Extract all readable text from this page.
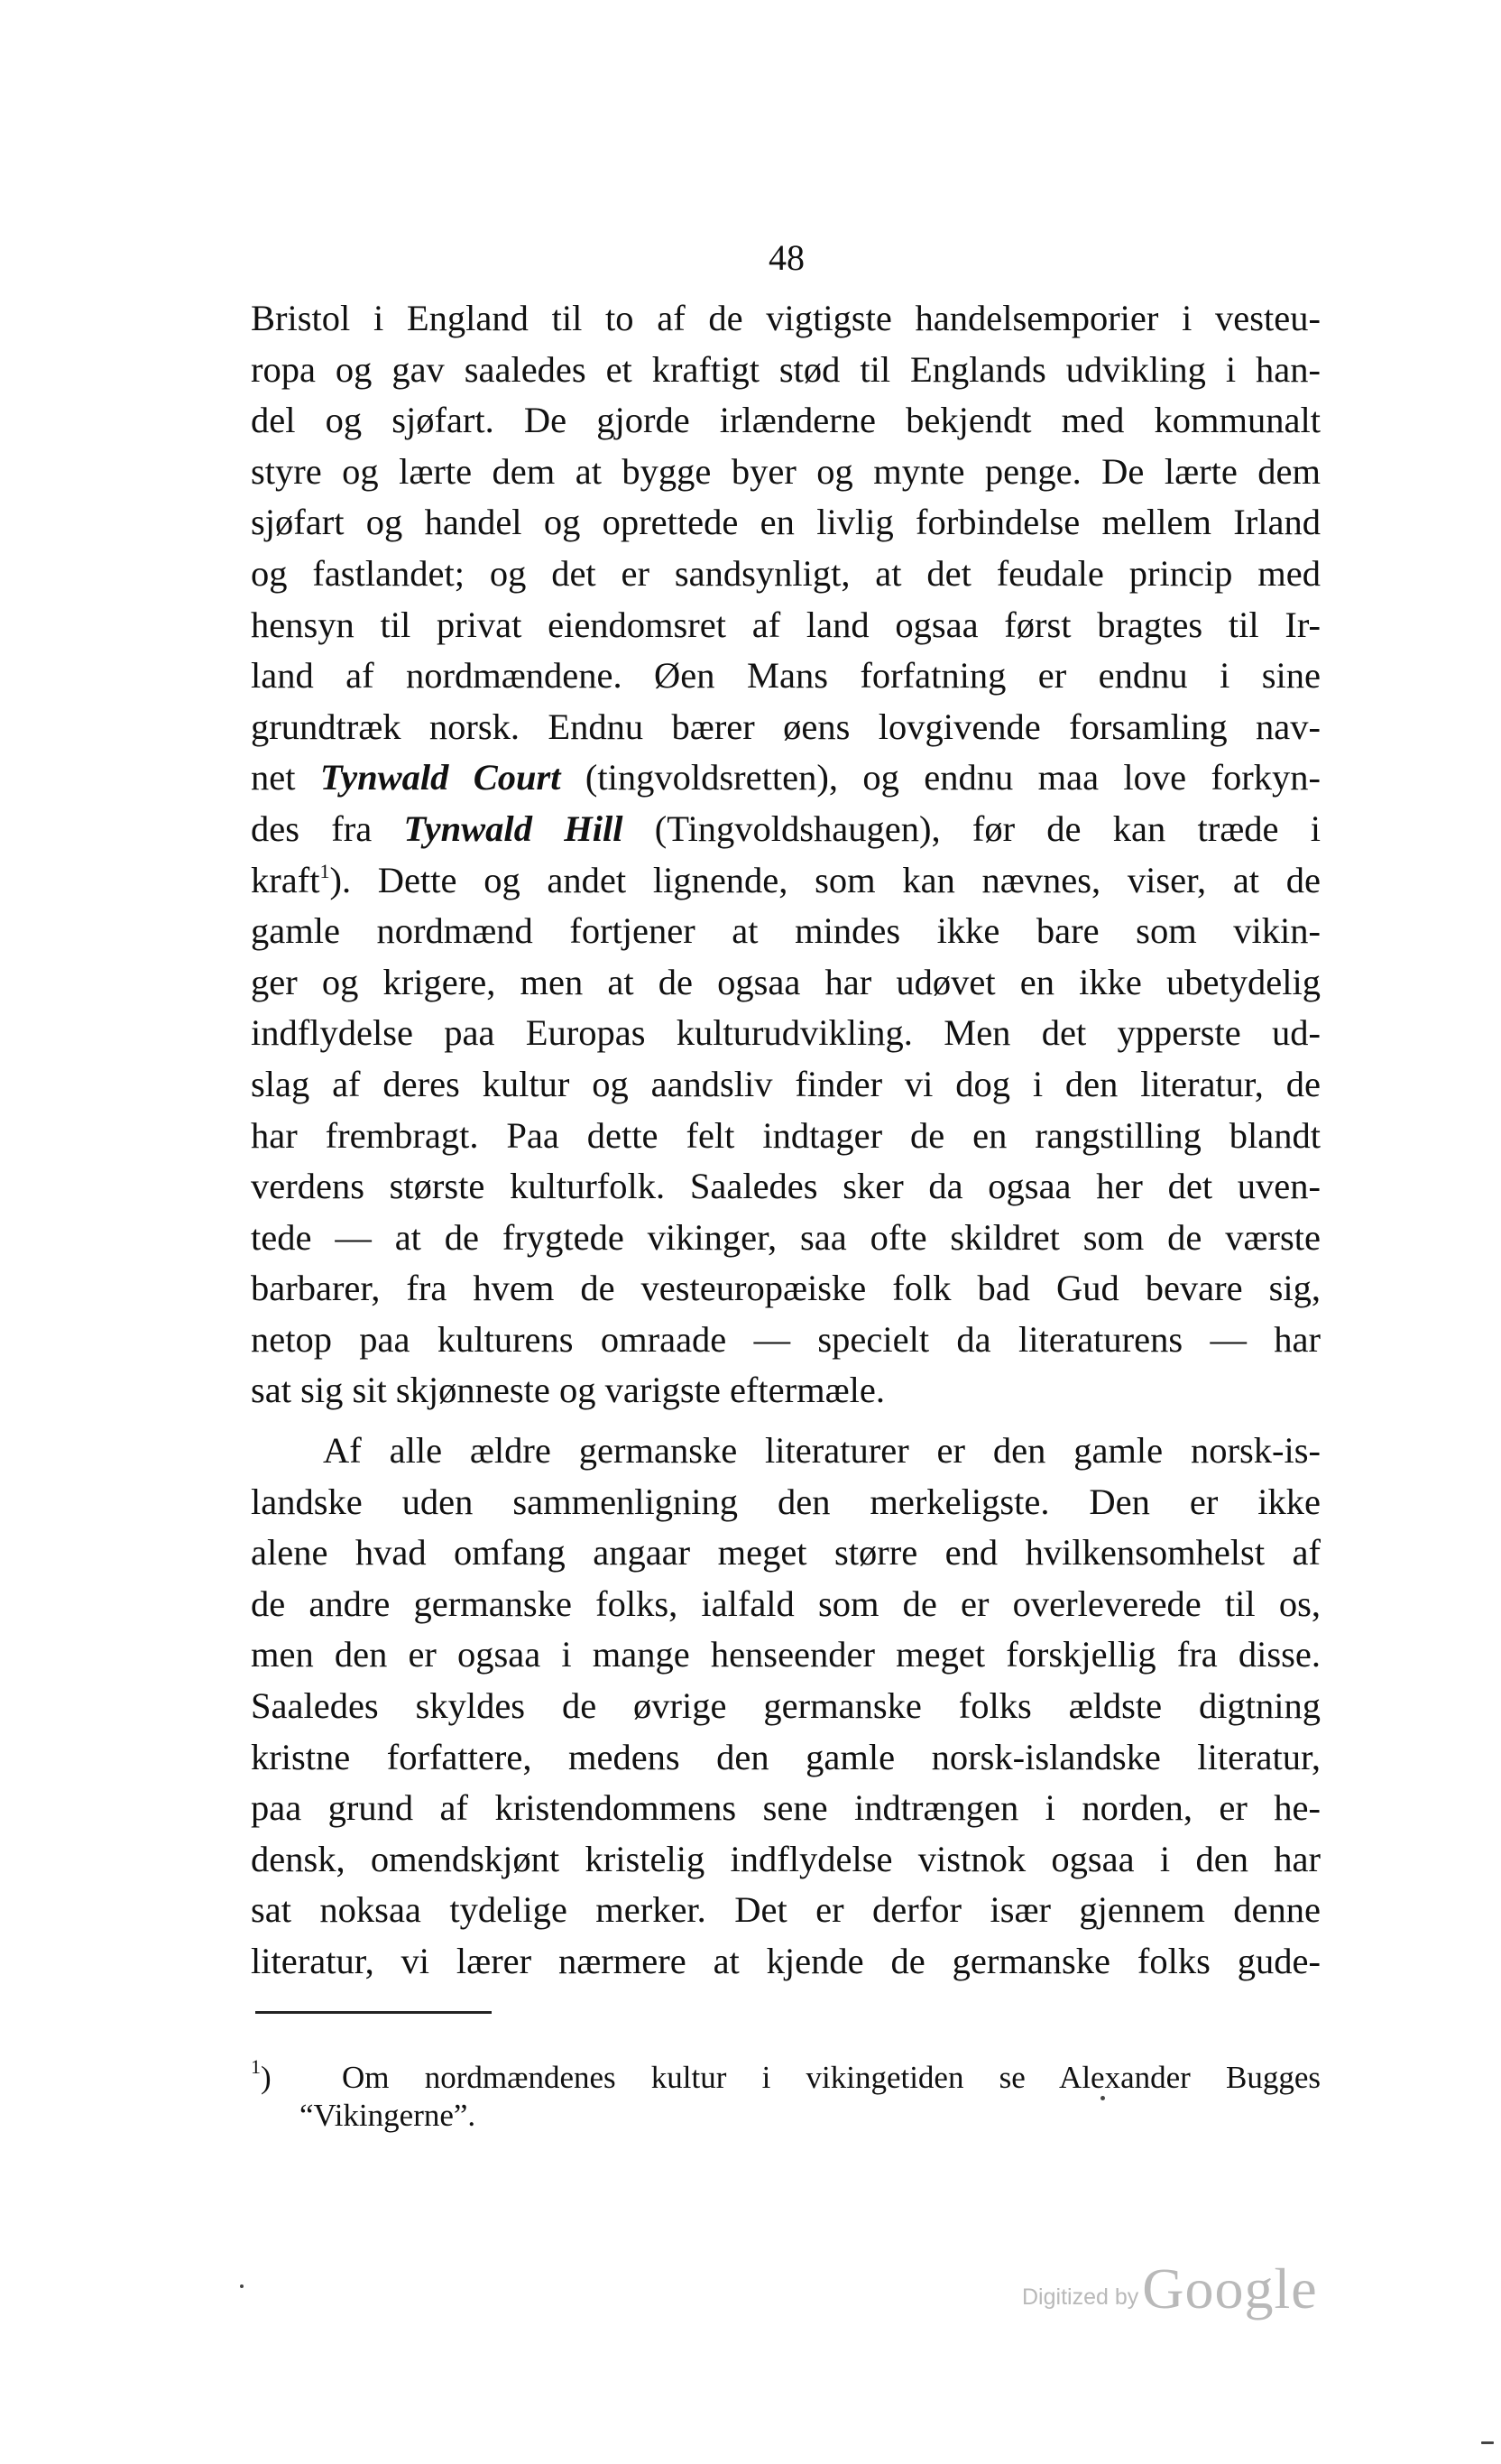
48
Bristol i England til to af de vigtigste handelsemporier i vesteu-
ropa og gav saaledes et kraftigt stød til Englands udvikling i han-
del og sjøfart. De gjorde irlænderne bekjendt med kommunalt
styre og lærte dem at bygge byer og mynte penge. De lærte dem
sjøfart og handel og oprettede en livlig forbindelse mellem Irland
og fastlandet; og det er sandsynligt, at det feudale princip med
hensyn til privat eiendomsret af land ogsaa først bragtes til Ir-
land af nordmændene. Øen Mans forfatning er endnu i sine
grundtræk norsk. Endnu bærer øens lovgivende forsamling nav-
net Tynwald Court (tingvoldsretten), og endnu maa love forkyn-
des fra Tynwald Hill (Tingvoldshaugen), før de kan træde i
kraft$^1$). Dette og andet lignende, som kan nævnes, viser, at de
gamle nordmænd fortjener at mindes ikke bare som vikin-
ger og krigere, men at de ogsaa har udøvet en ikke ubetydelig
indflydelse paa Europas kulturudvikling. Men det ypperste ud-
slag af deres kultur og aandsliv finder vi dog i den literatur, de
har frembragt. Paa dette felt indtager de en rangstilling blandt
verdens største kulturfolk. Saaledes sker da ogsaa her det uven-
tede — at de frygtede vikinger, saa ofte skildret som de værste
barbarer, fra hvem de vesteuropæiske folk bad Gud bevare sig,
netop paa kulturens omraade — specielt da literaturens — har
sat sig sit skjønneste og varigste eftermæle.
Af alle ældre germanske literaturer er den gamle norsk-is-
landske uden sammenligning den merkeligste. Den er ikke
alene hvad omfang angaar meget større end hvilkensomhelst af
de andre germanske folks, ialfald som de er overleverede til os,
men den er ogsaa i mange henseender meget forskjellig fra disse.
Saaledes skyldes de øvrige germanske folks ældste digtning
kristne forfattere, medens den gamle norsk-islandske literatur,
paa grund af kristendommens sene indtrængen i norden, er he-
densk, omendskjønt kristelig indflydelse vistnok ogsaa i den har
sat noksaa tydelige merker. Det er derfor især gjennem denne
literatur, vi lærer nærmere at kjende de germanske folks gude-
$^1$)  Om nordmændenes kultur i vikingetiden se Alexander Bugges
“Vikingerne”.
Digitized by Google
